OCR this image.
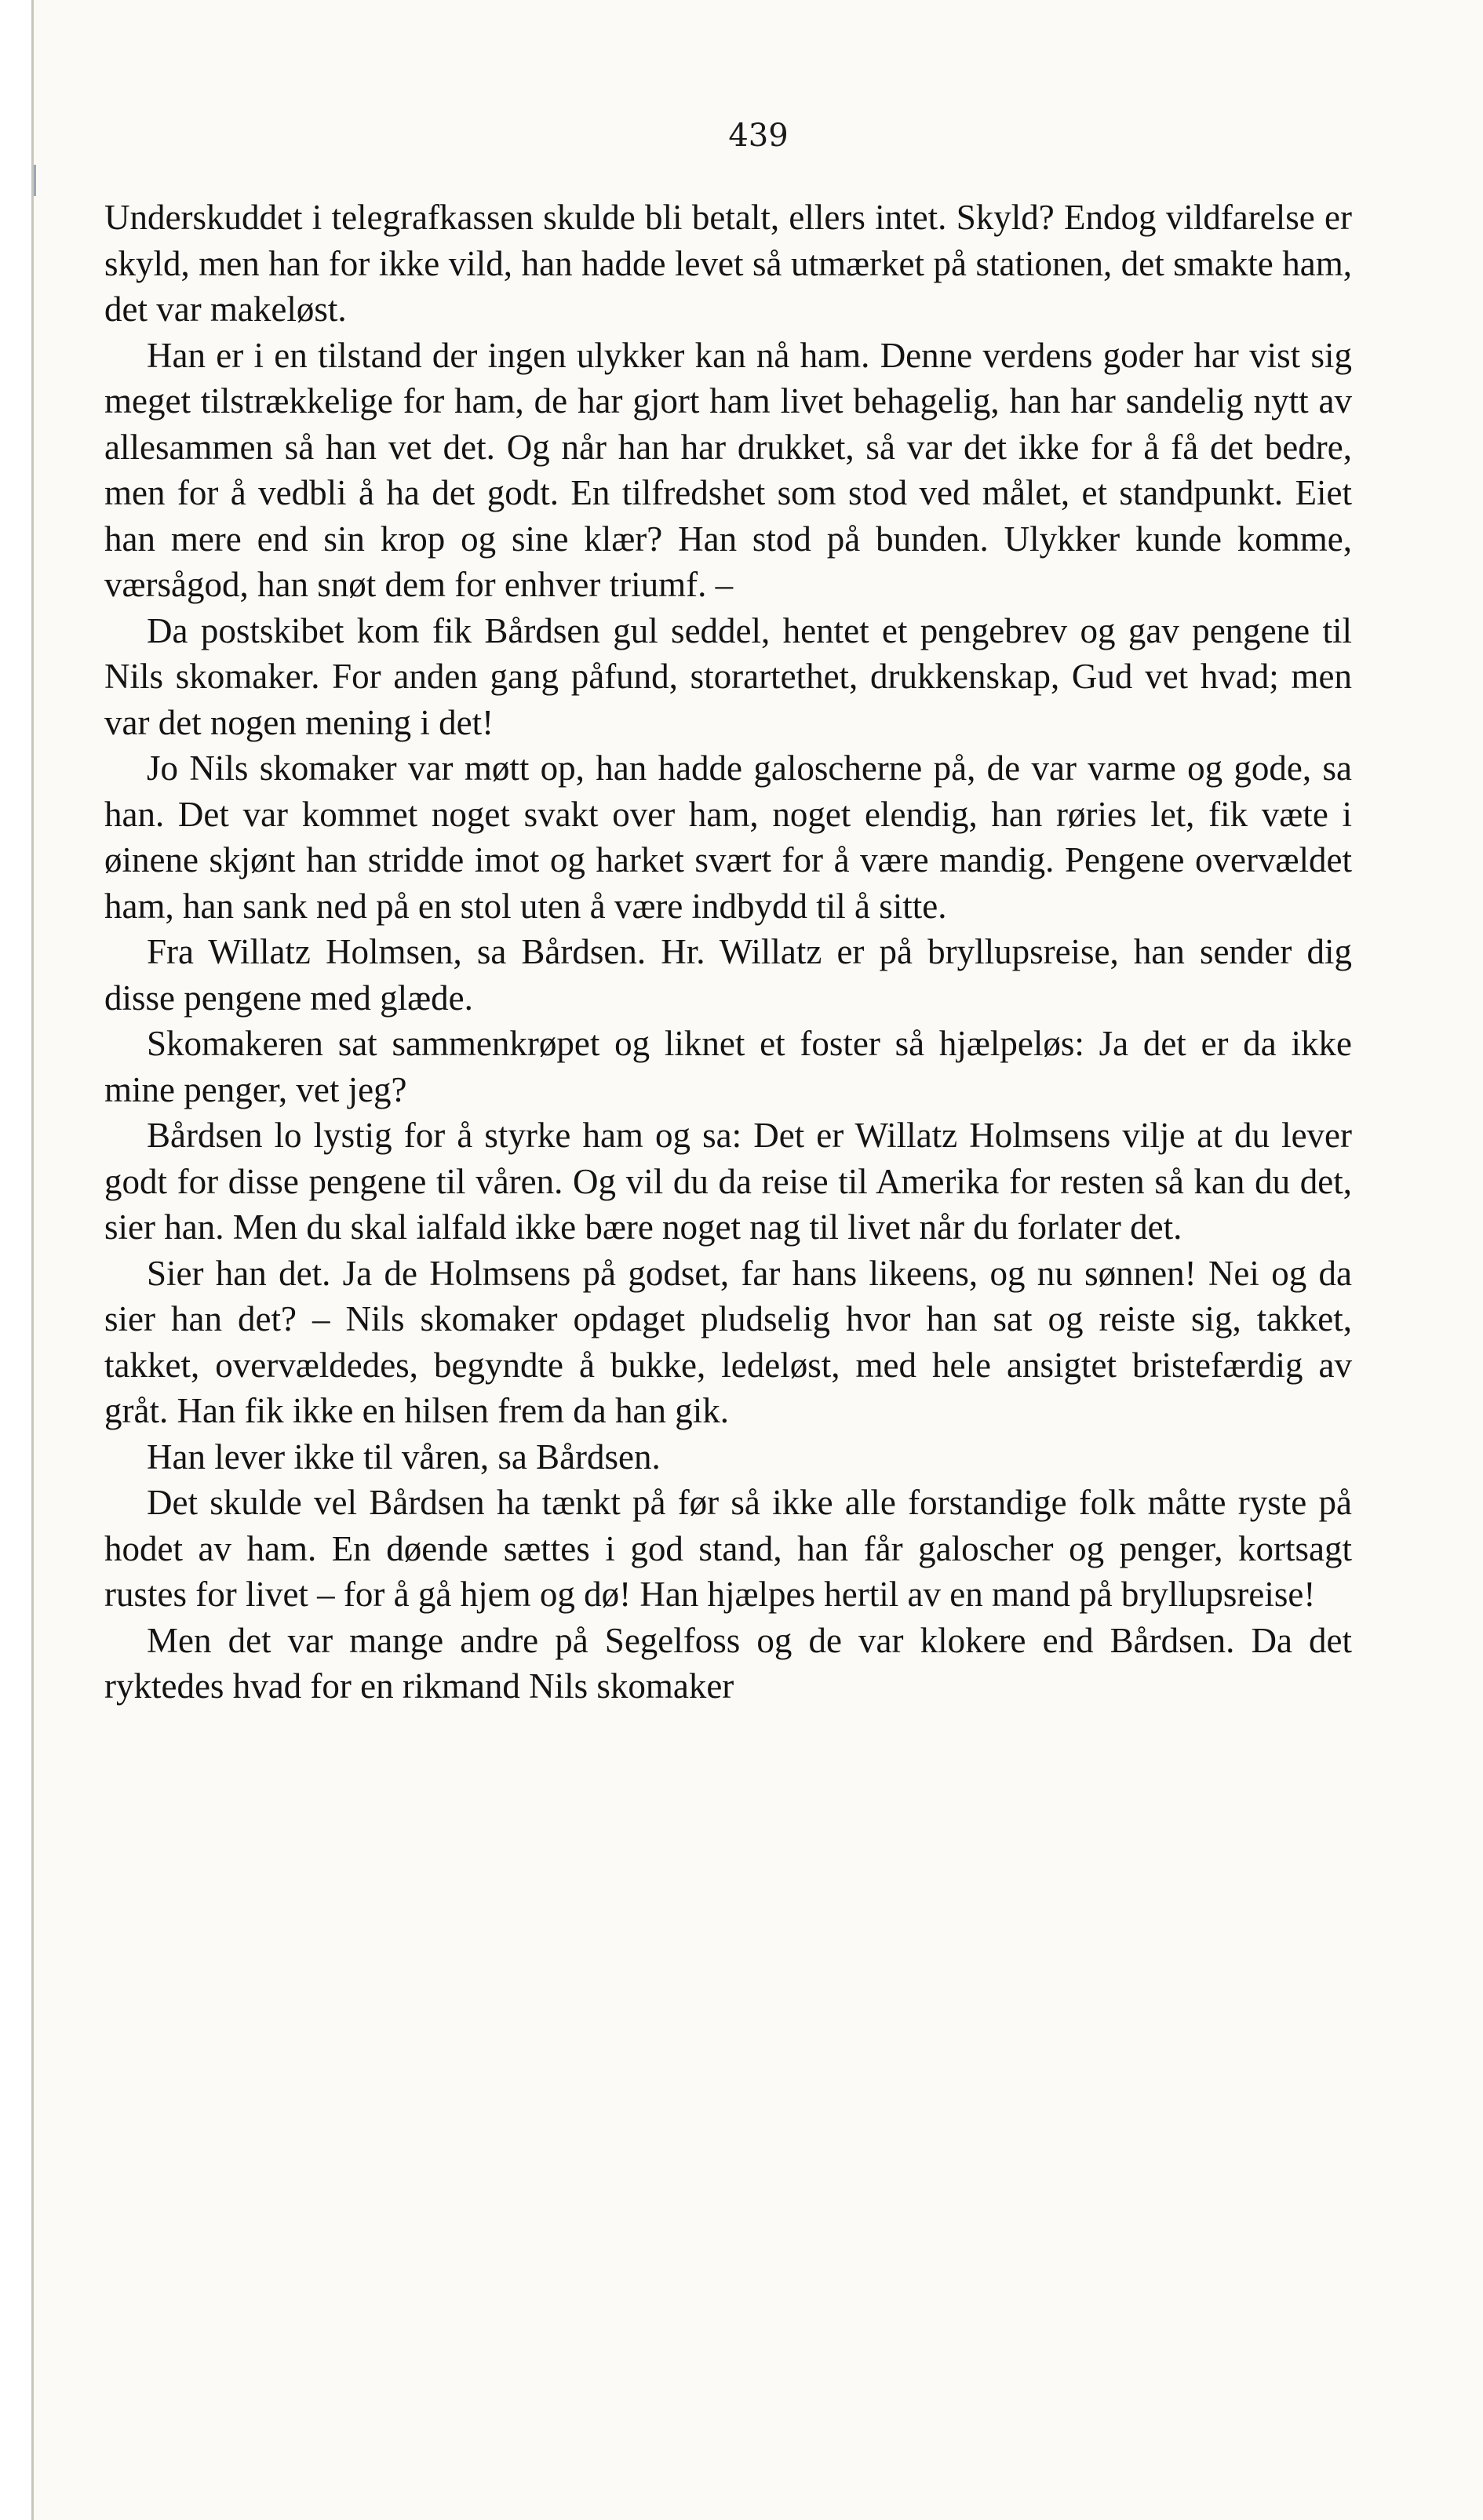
439

Underskuddet i telegrafkassen skulde bli betalt, ellers intet. Skyld? Endog vildfarelse er skyld, men han for ikke vild, han hadde levet så utmærket på stationen, det smakte ham, det var makeløst.

Han er i en tilstand der ingen ulykker kan nå ham. Denne verdens goder har vist sig meget tilstrækkelige for ham, de har gjort ham livet behagelig, han har sandelig nytt av allesammen så han vet det. Og når han har drukket, så var det ikke for å få det bedre, men for å vedbli å ha det godt. En tilfredshet som stod ved målet, et standpunkt. Eiet han mere end sin krop og sine klær? Han stod på bunden. Ulykker kunde komme, værsågod, han snøt dem for enhver triumf. –

Da postskibet kom fik Bårdsen gul seddel, hentet et pengebrev og gav pengene til Nils skomaker. For anden gang påfund, storartethet, drukkenskap, Gud vet hvad; men var det nogen mening i det!

Jo Nils skomaker var møtt op, han hadde galoscherne på, de var varme og gode, sa han. Det var kommet noget svakt over ham, noget elendig, han røries let, fik væte i øinene skjønt han stridde imot og harket svært for å være mandig. Pengene overvældet ham, han sank ned på en stol uten å være indbydd til å sitte.

Fra Willatz Holmsen, sa Bårdsen. Hr. Willatz er på bryllupsreise, han sender dig disse pengene med glæde.

Skomakeren sat sammenkrøpet og liknet et foster så hjælpeløs: Ja det er da ikke mine penger, vet jeg?

Bårdsen lo lystig for å styrke ham og sa: Det er Willatz Holmsens vilje at du lever godt for disse pengene til våren. Og vil du da reise til Amerika for resten så kan du det, sier han. Men du skal ialfald ikke bære noget nag til livet når du forlater det.

Sier han det. Ja de Holmsens på godset, far hans likeens, og nu sønnen! Nei og da sier han det? – Nils skomaker opdaget pludselig hvor han sat og reiste sig, takket, takket, overvældedes, begyndte å bukke, ledeløst, med hele ansigtet bristefærdig av gråt. Han fik ikke en hilsen frem da han gik.

Han lever ikke til våren, sa Bårdsen.

Det skulde vel Bårdsen ha tænkt på før så ikke alle forstandige folk måtte ryste på hodet av ham. En døende sættes i god stand, han får galoscher og penger, kortsagt rustes for livet – for å gå hjem og dø! Han hjælpes hertil av en mand på bryllupsreise!

Men det var mange andre på Segelfoss og de var klokere end Bårdsen. Da det ryktedes hvad for en rikmand Nils skomaker
